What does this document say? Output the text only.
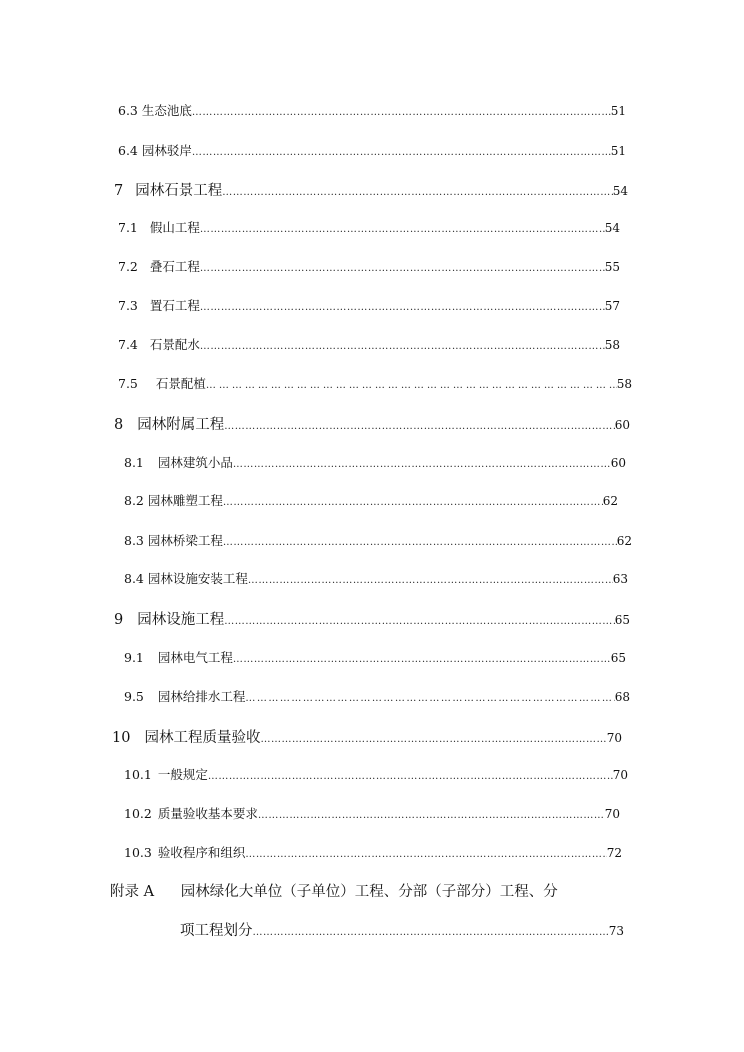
6.3 生态池底 …………………………………………………………………………………………………………………………………………………………………………………………………	51
6.4 园林驳岸 …………………………………………………………………………………………………………………………………………………………………………………………………	51
7 园林石景工程 …………………………………………………………………………………………………………………………………………………………………………………………………	54
7.1 假山工程 …………………………………………………………………………………………………………………………………………………………………………………………………	54
7.2 叠石工程 …………………………………………………………………………………………………………………………………………………………………………………………………	55
7.3 置石工程 …………………………………………………………………………………………………………………………………………………………………………………………………	57
7.4 石景配水 …………………………………………………………………………………………………………………………………………………………………………………………………	58
7.5 石景配植 …………………………………………………………………………………………………………………………………………………………………………………………………	58
8 园林附属工程 …………………………………………………………………………………………………………………………………………………………………………………………………	60
8.1 园林建筑小品 …………………………………………………………………………………………………………………………………………………………………………………………………	60
8.2 园林雕塑工程 …………………………………………………………………………………………………………………………………………………………………………………………………	62
8.3 园林桥梁工程 …………………………………………………………………………………………………………………………………………………………………………………………………	62
8.4 园林设施安装工程 …………………………………………………………………………………………………………………………………………………………………………………………………	63
9 园林设施工程 …………………………………………………………………………………………………………………………………………………………………………………………………	65
9.1 园林电气工程 …………………………………………………………………………………………………………………………………………………………………………………………………	65
9.5 园林给排水工程 …………………………………………………………………………………………………………………………………………………………………………………………………	68
10 园林工程质量验收 …………………………………………………………………………………………………………………………………………………………………………………………………	70
10.1 一般规定 …………………………………………………………………………………………………………………………………………………………………………………………………	70
10.2 质量验收基本要求 …………………………………………………………………………………………………………………………………………………………………………………………………	70
10.3 验收程序和组织 …………………………………………………………………………………………………………………………………………………………………………………………………	72
附录 A 园林绿化大单位（子单位）工程、分部（子部分）工程、分
项工程划分 …………………………………………………………………………………………………………………………………………………………………………………………………	73
